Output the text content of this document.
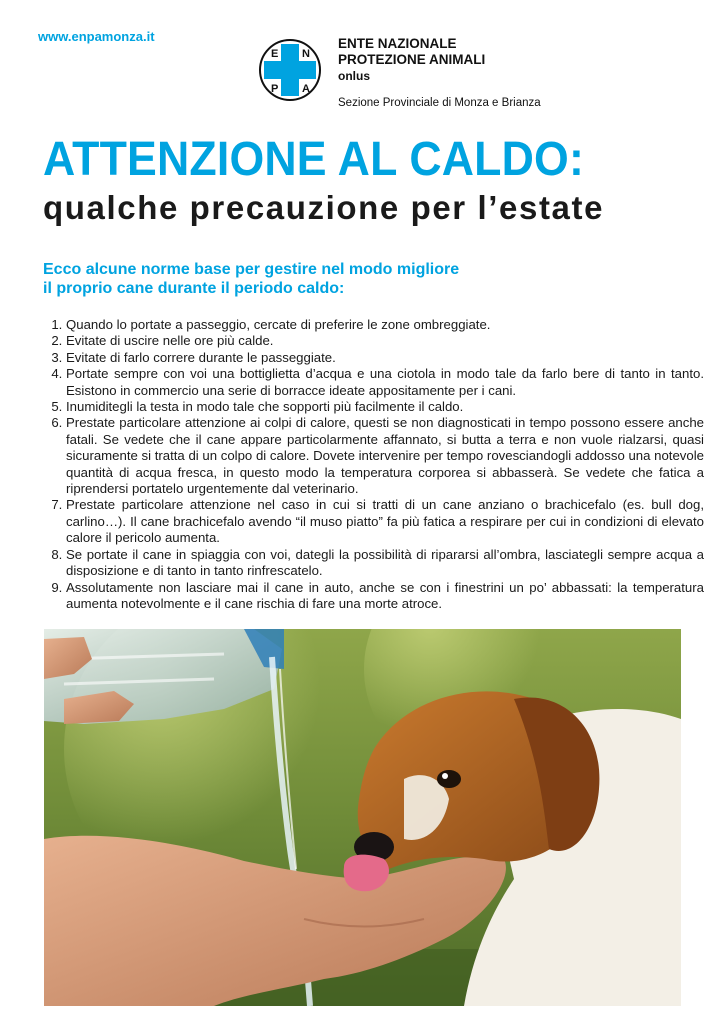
www.enpamonza.it
E N
P A
ENTE NAZIONALE
PROTEZIONE ANIMALI
onlus
Sezione Provinciale di Monza e Brianza
ATTENZIONE AL CALDO:
qualche precauzione per l’estate
Ecco alcune norme base per gestire nel modo migliore
il proprio cane durante il periodo caldo:
1. Quando lo portate a passeggio, cercate di preferire le zone ombreggiate.
2. Evitate di uscire nelle ore più calde.
3. Evitate di farlo correre durante le passeggiate.
4. Portate sempre con voi una bottiglietta d’acqua e una ciotola in modo tale da farlo bere di tanto in tanto. Esistono in commercio una serie di borracce ideate appositamente per i cani.
5. Inumiditegli la testa in modo tale che sopporti più facilmente il caldo.
6. Prestate particolare attenzione ai colpi di calore, questi se non diagnosticati in tempo possono essere anche fatali. Se vedete che il cane appare particolarmente affannato, si butta a terra e non vuole rialzarsi, quasi sicuramente si tratta di un colpo di calore. Dovete intervenire per tempo rovesciandogli addosso una notevole quantità di acqua fresca, in questo modo la temperatura corporea si abbasserà. Se vedete che fatica a riprendersi portatelo urgentemente dal veterinario.
7. Prestate particolare attenzione nel caso in cui si tratti di un cane anziano o brachicefalo (es. bull dog, carlino…). Il cane brachicefalo avendo “il muso piatto” fa più fatica a respirare per cui in condizioni di elevato calore il pericolo aumenta.
8. Se portate il cane in spiaggia con voi, dategli la possibilità di ripararsi all’ombra, lasciategli sempre acqua a disposizione e di tanto in tanto rinfrescatelo.
9. Assolutamente non lasciare mai il cane in auto, anche se con i finestrini un po’ abbassati: la temperatura aumenta notevolmente e il cane rischia di fare una morte atroce.
